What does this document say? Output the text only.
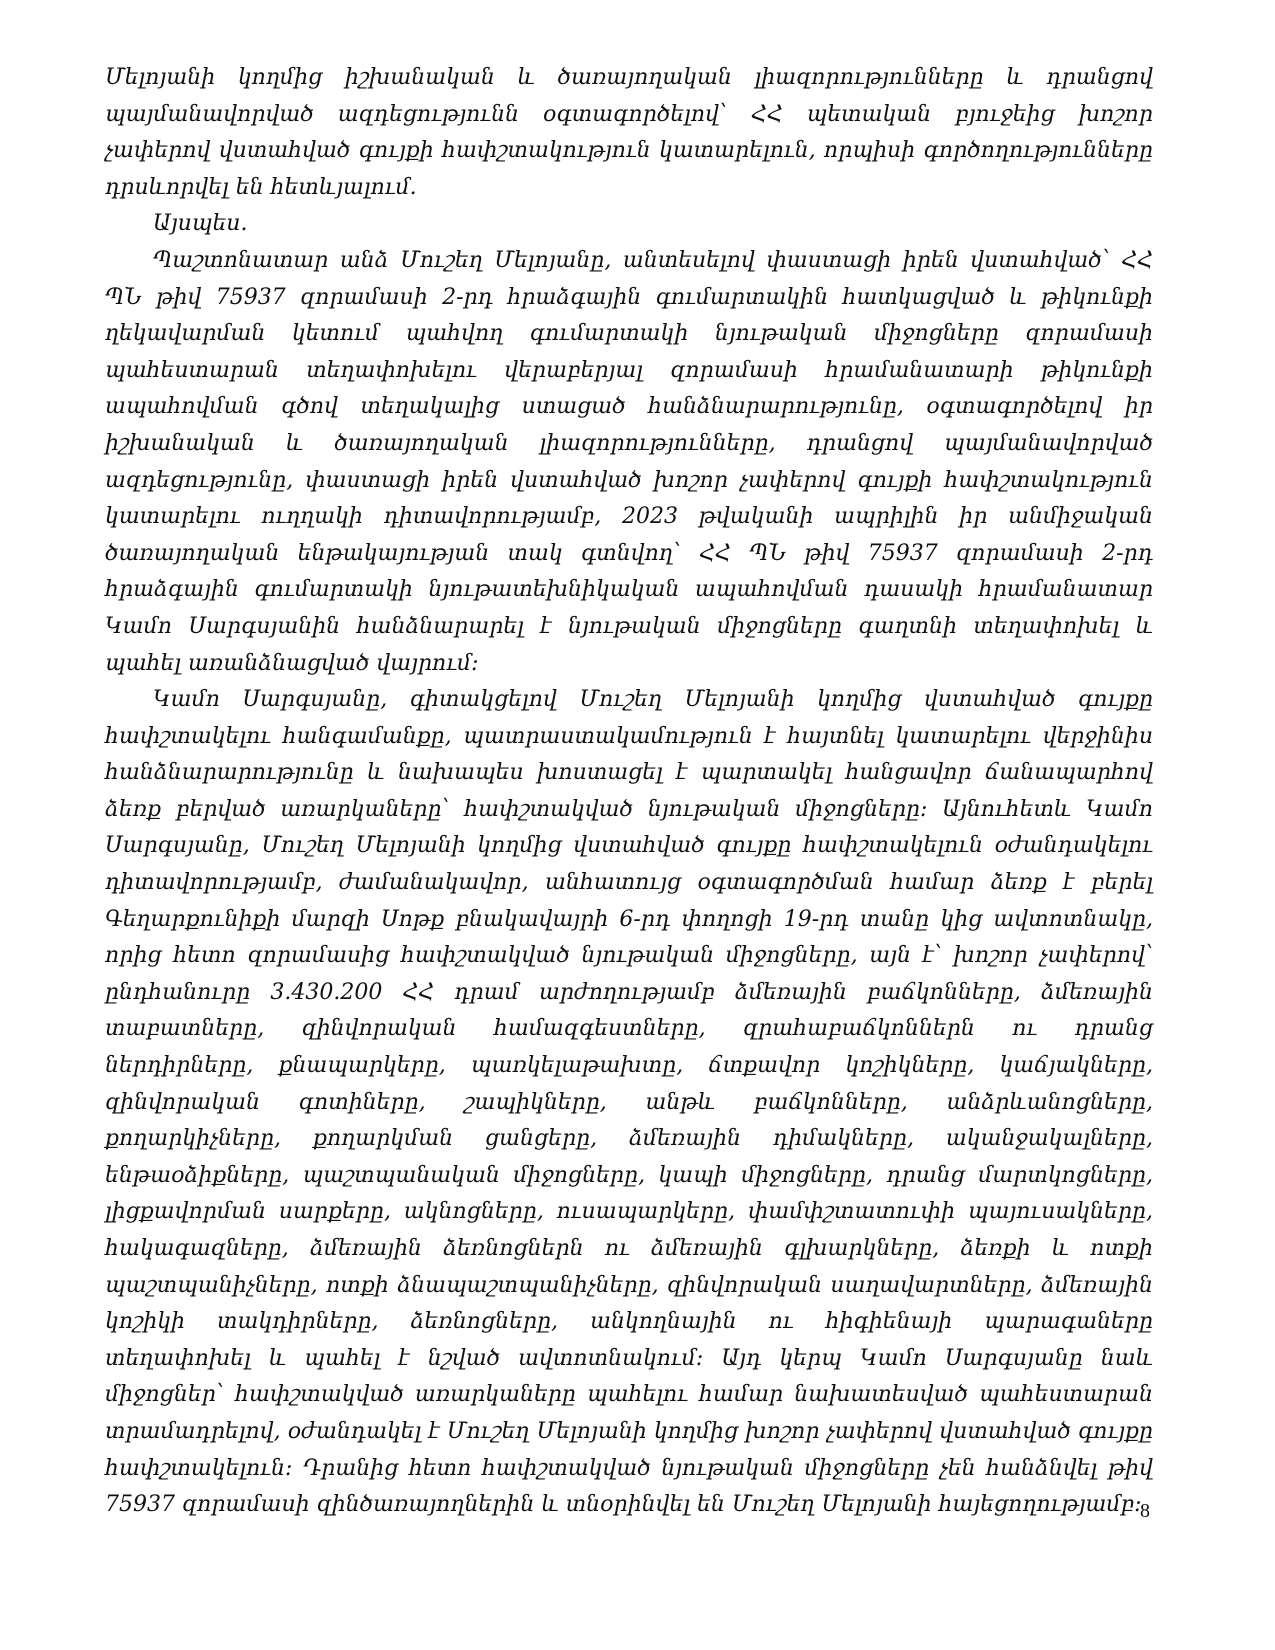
Մելոյանի կողմից իշխանական և ծառայողական լիազորությունները և դրանցով պայմանավորված ազդեցությունն օգտագործելով՝ ՀՀ պետական բյուջեից խոշոր չափերով վստահված գույքի հափշտակություն կատարելուն, որպիսի գործողությունները դրսևորվել են հետևյալում.

Այսպես.

Պաշտոնատար անձ Մուշեղ Մելոյանը, անտեսելով փաստացի իրեն վստահված՝ ՀՀ ՊՆ թիվ 75937 զորամասի 2-րդ հրաձգային գումարտակին հատկացված և թիկունքի ղեկավարման կետում պահվող գումարտակի նյութական միջոցները զորամասի պահեստարան տեղափոխելու վերաբերյալ զորամասի հրամանատարի թիկունքի ապահովման գծով տեղակալից ստացած հանձնարարությունը, օգտագործելով իր իշխանական և ծառայողական լիազորությունները, դրանցով պայմանավորված ազդեցությունը, փաստացի իրեն վստահված խոշոր չափերով գույքի հափշտակություն կատարելու ուղղակի դիտավորությամբ, 2023 թվականի ապրիլին իր անմիջական ծառայողական ենթակայության տակ գտնվող՝ ՀՀ ՊՆ թիվ 75937 զորամասի 2-րդ հրաձգային գումարտակի նյութատեխնիկական ապահովման դասակի հրամանատար Կամո Սարգսյանին հանձնարարել է նյութական միջոցները գաղտնի տեղափոխել և պահել առանձնացված վայրում:

Կամո Սարգսյանը, գիտակցելով Մուշեղ Մելոյանի կողմից վստահված գույքը հափշտակելու հանգամանքը, պատրաստակամություն է հայտնել կատարելու վերջինիս հանձնարարությունը և նախապես խոստացել է պարտակել հանցավոր ճանապարհով ձեռք բերված առարկաները՝ հափշտակված նյութական միջոցները: Այնուհետև Կամո Սարգսյանը, Մուշեղ Մելոյանի կողմից վստահված գույքը հափշտակելուն օժանդակելու դիտավորությամբ, ժամանակավոր, անհատույց օգտագործման համար ձեռք է բերել Գեղարքունիքի մարզի Սոթք բնակավայրի 6-րդ փողոցի 19-րդ տանը կից ավտոտնակը, որից հետո զորամասից հափշտակված նյութական միջոցները, այն է՝ խոշոր չափերով՝ ընդհանուրը 3.430.200 ՀՀ դրամ արժողությամբ ձմեռային բաճկոնները, ձմեռային տաբատները, զինվորական համազգեստները, զրահաբաճկոններն ու դրանց ներդիրները, քնապարկերը, պառկելաթախտը, ճտքավոր կոշիկները, կաճյակները, զինվորական գոտիները, շապիկները, անթև բաճկոնները, անձրևանոցները, քողարկիչները, քողարկման ցանցերը, ձմեռային դիմակները, ականջակալները, ենթաօձիքները, պաշտպանական միջոցները, կապի միջոցները, դրանց մարտկոցները, լիցքավորման սարքերը, ակնոցները, ուսապարկերը, փամփշտատուփի պայուսակները, հակագազները, ձմեռային ձեռնոցներն ու ձմեռային գլխարկները, ձեռքի և ոտքի պաշտպանիչները, ոտքի ձնապաշտպանիչները, զինվորական սաղավարտները, ձմեռային կոշիկի տակդիրները, ձեռնոցները, անկողնային ու հիգիենայի պարագաները տեղափոխել և պահել է նշված ավտոտնակում: Այդ կերպ Կամո Սարգսյանը նաև միջոցներ՝ հափշտակված առարկաները պահելու համար նախատեսված պահեստարան տրամադրելով, օժանդակել է Մուշեղ Մելոյանի կողմից խոշոր չափերով վստահված գույքը հափշտակելուն: Դրանից հետո հափշտակված նյութական միջոցները չեն հանձնվել թիվ 75937 զորամասի զինծառայողներին և տնօրինվել են Մուշեղ Մելոյանի հայեցողությամբ:

8
